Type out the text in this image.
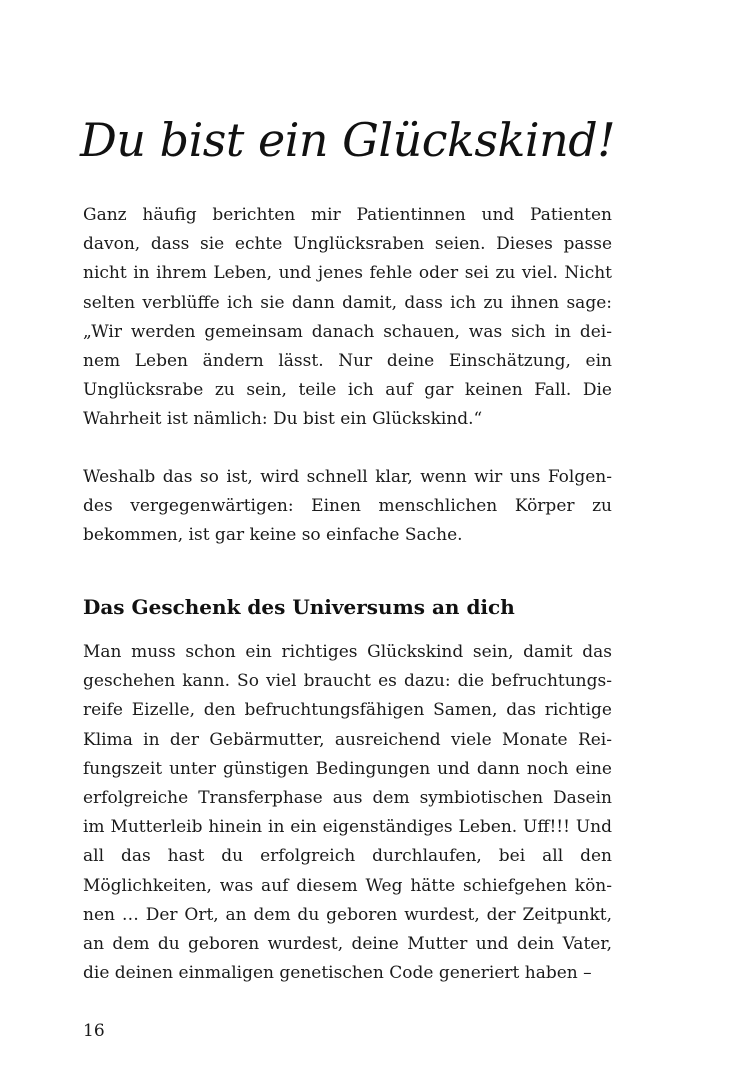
Du bist ein Glückskind!

Ganz häufig berichten mir Patientinnen und Patienten davon, dass sie echte Unglücksraben seien. Dieses passe nicht in ihrem Leben, und jenes fehle oder sei zu viel. Nicht selten verblüffe ich sie dann damit, dass ich zu ihnen sage: „Wir werden gemeinsam danach schauen, was sich in deinem Leben ändern lässt. Nur deine Einschätzung, ein Unglücksrabe zu sein, teile ich auf gar keinen Fall. Die Wahrheit ist nämlich: Du bist ein Glückskind.“

Weshalb das so ist, wird schnell klar, wenn wir uns Folgendes vergegenwärtigen: Einen menschlichen Körper zu bekommen, ist gar keine so einfache Sache.

Das Geschenk des Universums an dich

Man muss schon ein richtiges Glückskind sein, damit das geschehen kann. So viel braucht es dazu: die befruchtungsreife Eizelle, den befruchtungsfähigen Samen, das richtige Klima in der Gebärmutter, ausreichend viele Monate Reifungszeit unter günstigen Bedingungen und dann noch eine erfolgreiche Transferphase aus dem symbiotischen Dasein im Mutterleib hinein in ein eigenständiges Leben. Uff!!! Und all das hast du erfolgreich durchlaufen, bei all den Möglichkeiten, was auf diesem Weg hätte schiefgehen können … Der Ort, an dem du geboren wurdest, der Zeitpunkt, an dem du geboren wurdest, deine Mutter und dein Vater, die deinen einmaligen genetischen Code generiert haben –

16
